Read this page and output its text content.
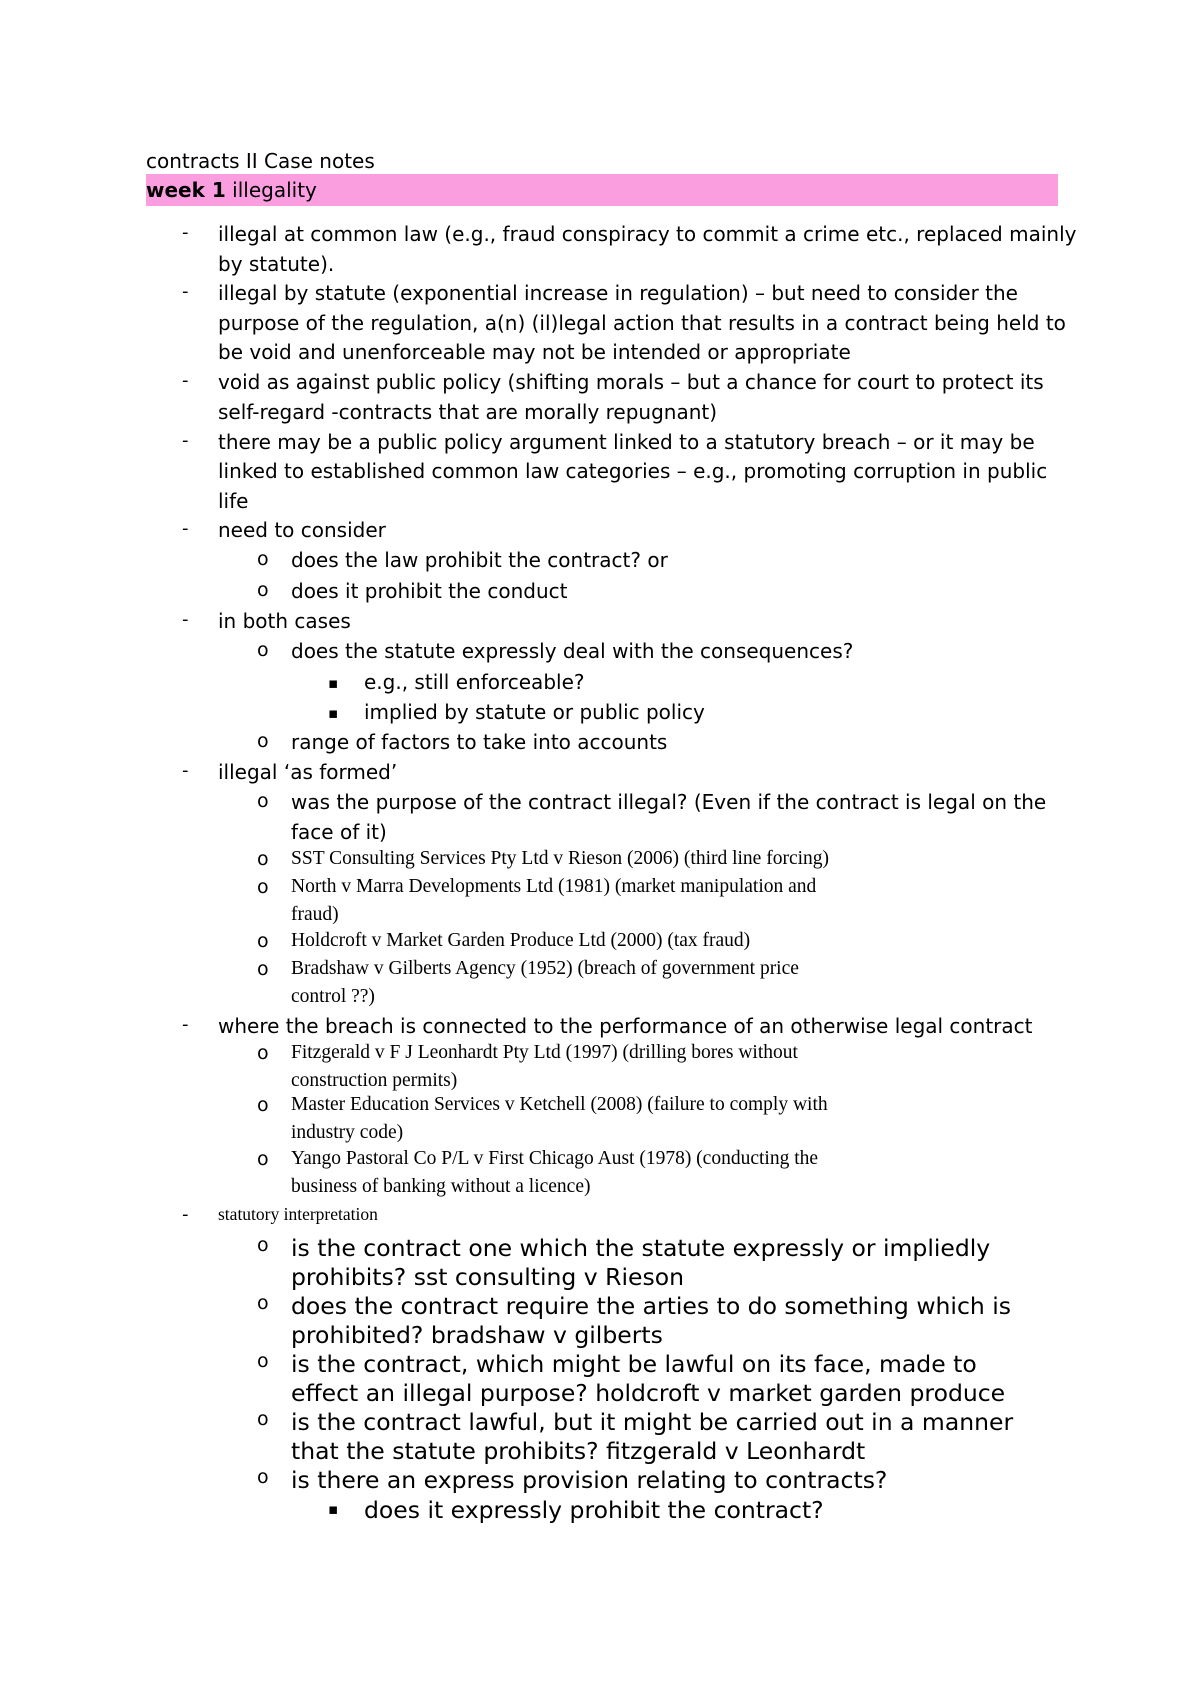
contracts II Case notes
week 1 illegality
- illegal at common law (e.g., fraud conspiracy to commit a crime etc., replaced mainly
by statute).
- illegal by statute (exponential increase in regulation) – but need to consider the
purpose of the regulation, a(n) (il)legal action that results in a contract being held to
be void and unenforceable may not be intended or appropriate
- void as against public policy (shifting morals – but a chance for court to protect its
self-regard -contracts that are morally repugnant)
- there may be a public policy argument linked to a statutory breach – or it may be
linked to established common law categories – e.g., promoting corruption in public
life
- need to consider
o does the law prohibit the contract? or
o does it prohibit the conduct
- in both cases
o does the statute expressly deal with the consequences?
▪ e.g., still enforceable?
▪ implied by statute or public policy
o range of factors to take into accounts
- illegal ‘as formed’
o was the purpose of the contract illegal? (Even if the contract is legal on the
face of it)
o SST Consulting Services Pty Ltd v Rieson (2006) (third line forcing)
o North v Marra Developments Ltd (1981) (market manipulation and
fraud)
o Holdcroft v Market Garden Produce Ltd (2000) (tax fraud)
o Bradshaw v Gilberts Agency (1952) (breach of government price
control ??)
- where the breach is connected to the performance of an otherwise legal contract
o Fitzgerald v F J Leonhardt Pty Ltd (1997) (drilling bores without
construction permits)
o Master Education Services v Ketchell (2008) (failure to comply with
industry code)
o Yango Pastoral Co P/L v First Chicago Aust (1978) (conducting the
business of banking without a licence)
- statutory interpretation
o is the contract one which the statute expressly or impliedly
prohibits? sst consulting v Rieson
o does the contract require the arties to do something which is
prohibited? bradshaw v gilberts
o is the contract, which might be lawful on its face, made to
effect an illegal purpose? holdcroft v market garden produce
o is the contract lawful, but it might be carried out in a manner
that the statute prohibits? fitzgerald v Leonhardt
o is there an express provision relating to contracts?
▪ does it expressly prohibit the contract?
